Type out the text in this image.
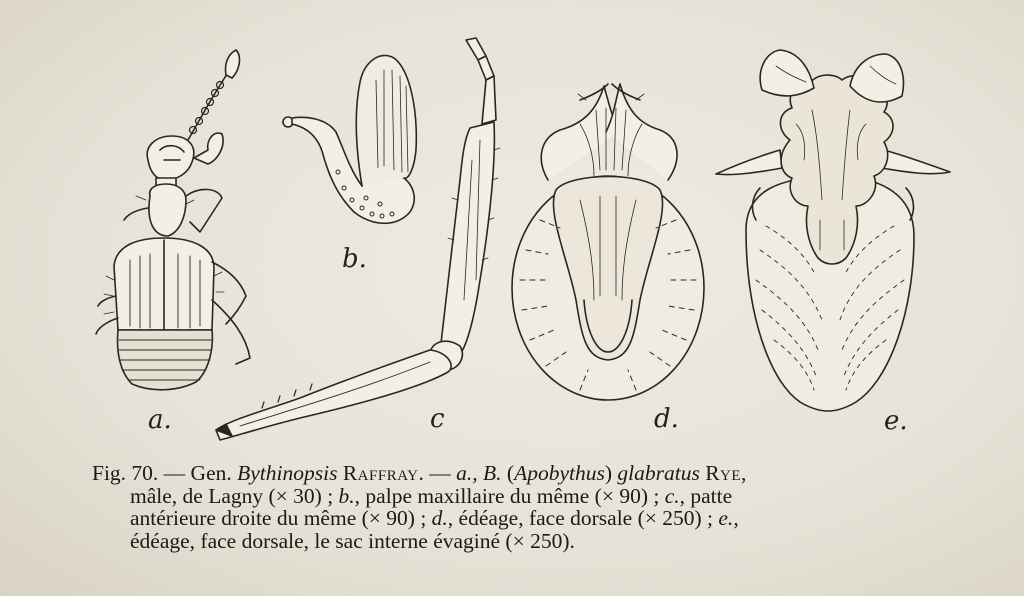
a.
b.
c	d.	e.
Fig. 70. — Gen. Bythinopsis Raffray. — a., B. (Apobythus) glabratus Rye,
mâle, de Lagny (× 30) ; b., palpe maxillaire du même (× 90) ; c., patte
antérieure droite du même (× 90) ; d., édéage, face dorsale (× 250) ; e.,
édéage, face dorsale, le sac interne évaginé (× 250).
